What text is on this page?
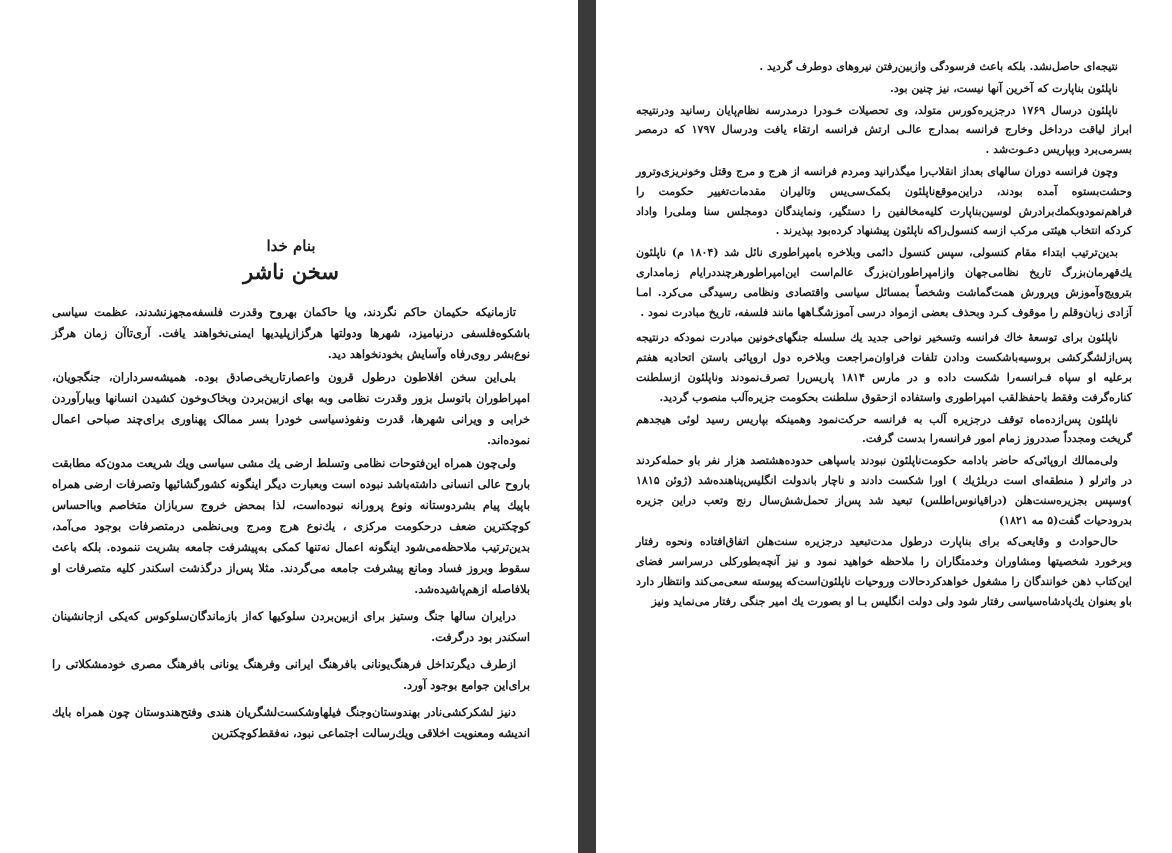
بنام خدا
سخن ناشر

تازمانیکه حکیمان حاکم نگردند، ویا حاکمان بهروح وقدرت فلسفه‌مجهزنشدند، عظمت سیاسی باشکوه‌فلسفی درنیامیزد، شهرها ودولتها هرگزازپلیدیها ایمنی‌نخواهند یافت. آری‌تاآن زمان هرگز نوع‌بشر روی‌رفاه وآسایش بخودنخواهد دید.

بلی‌این سخن افلاطون درطول قرون واعصارتاریخی‌صادق بوده. همیشه‌سرداران، جنگجویان، امپراطوران باتوسل بزور وقدرت نظامی وبه بهای ازبین‌بردن وبخاک‌وخون کشیدن انسانها وبیارآوردن خرابی و ویرانی شهرها، قدرت ونفوذسیاسی خودرا بسر ممالک پهناوری برای‌چند صباحی اعمال نموده‌اند.

ولی‌چون همراه این‌فتوحات نظامی وتسلط ارضی یك مشی سیاسی ویك شریعت مدون‌که مطابقت باروح عالی انسانی داشته‌باشد نبوده است وبعبارت دیگر اینگونه کشورگشائیها وتصرفات ارضی همراه باپیك پیام بشردوستانه ونوع پرورانه نبوده‌است، لذا بمحض خروج سربازان متخاصم وبااحساس کوچکترین ضعف درحکومت مرکزی ، یك‌نوع هرج ومرج وبی‌نظمی درمتصرفات بوجود می‌آمد، بدین‌ترتیب ملاحظه‌می‌شود اینگونه اعمال نه‌تنها کمکی به‌پیشرفت جامعه بشریت ننموده. بلکه باعث سقوط وبروز فساد ومانع پیشرفت جامعه می‌گردند. مثلا پس‌از درگذشت اسکندر کلیه متصرفات او بلافاصله ازهم‌پاشیده‌شد.

درایران سالها جنگ وستیز برای ازبین‌بردن سلوکیها که‌از بازماندگان‌سلوکوس که‌یکی ازجانشینان اسکندر بود درگرفت.

ازطرف دیگرتداخل فرهنگ‌یونانی بافرهنگ ایرانی وفرهنگ یونانی بافرهنگ مصری خودمشکلاتی را برای‌این جوامع بوجود آورد.

دنیز لشکرکشی‌نادر بهندوستان‌وجنگ فیلهاوشکست‌لشگریان هندی وفتح‌هندوستان چون همراه بایك اندیشه ومعنویت اخلاقی ویك‌رسالت اجتماعی نبود، نه‌فقط‌کوچکترین

نتیجه‌ای حاصل‌نشد. بلکه باعث فرسودگی وازبین‌رفتن نیروهای دوطرف گردید .

ناپلئون بناپارت که آخرین آنها نیست، نیز چنین بود.

ناپلئون درسال ۱۷۶۹ درجزیره‌کورس متولد، وی تحصیلات خـودرا درمدرسه نظام‌پایان رسانید ودرنتیجه ابراز لیاقت درداخل وخارج فرانسه بمدارج عالـی ارتش فرانسه ارتقاء یافت ودرسال ۱۷۹۷ که درمصر بسرمی‌برد وبپاریس دعـوت‌شد .

وچون فرانسه دوران سالهای بعداز انقلاب‌را میگذرانید ومردم فرانسه از هرج و مرج وقتل وخونریزی‌وترور وحشت‌بستوه آمده بودند، دراین‌موقع‌ناپلئون بکمک‌سی‌یس وتالیران مقدمات‌تغییر حکومت را فراهم‌نمودوبکمك‌برادرش لوسین‌بناپارت کلیه‌مخالفین را دستگیر، ونمایندگان دومجلس سنا وملی‌را واداد کردکه انتخاب هیئتی مرکب ازسه کنسول‌راکه ناپلئون پیشنهاد کرده‌بود بپذیرند .

بدین‌ترتیب ابتداء مقام کنسولی، سپس کنسول دائمی وبلاخره بامپراطوری نائل شد (۱۸۰۴ م) ناپلئون یك‌قهرمان‌بزرگ تاریخ نظامی‌جهان وازامپراطوران‌بزرگ عالم‌است این‌امپراطورهرچنددرایام زمامداری بترویج‌وآموزش وپرورش همت‌گماشت وشخصاً بمسائل سیاسی واقتصادی ونظامی رسیدگی می‌کرد. امـا آزادی زبان‌وقلم را موقوف کـرد وبحذف بعضی ازمواد درسی آموزشگـاهها مانند فلسفه، تاریخ مبادرت نمود .

ناپلئون برای توسعهٔ خاك فرانسه وتسخیر نواحی جدید یك سلسله جنگهای‌خونین مبادرت نمودکه درنتیجه پس‌ازلشگرکشی بروسیه‌باشکست ودادن تلفات فراوان‌مراجعت وبلاخره دول اروپائی باستن اتحادیه هفتم برعلیه او سپاه فـرانسه‌را شکست داده و در مارس ۱۸۱۴ پاریس‌را تصرف‌نمودند وناپلئون ازسلطنت کناره‌گرفت وفقط باحفظ‌لقب امپراطوری واستفاده ازحقوق سلطنت بحکومت جزیره‌آلب منصوب گردید.

ناپلئون پس‌ازده‌ماه توقف درجزیره آلب به فرانسه حرکت‌نمود وهمینکه بپاریس رسید لوئی هیجدهم گریخت ومجدداً صددروز زمام امور فرانسه‌را بدست گرفت.

ولی‌ممالك اروپائی‌که حاضر بادامه حکومت‌ناپلئون نبودند باسپاهی حدوده‌هشتصد هزار نفر باو حمله‌کردند در واترلو ( منطقه‌ای است دربلژیك ) اورا شکست دادند و ناچار باندولت انگلیس‌پناهنده‌شد (ژوئن ۱۸۱۵ )وسپس بجزیره‌سنت‌هلن (دراقیانوس‌اطلس) تبعید شد پس‌از تحمل‌شش‌سال رنج وتعب دراین جزیره بدرودحیات گفت(۵ مه ۱۸۲۱)

حال‌حوادث و وقایعی‌که برای بناپارت درطول مدت‌تبعید درجزیره سنت‌هلن اتفاق‌افتاده ونحوه رفتار وبرخورد شخصیتها ومشاوران وخدمتگاران را ملاحظه خواهید نمود و نیز آنچه‌بطورکلی درسراسر فضای این‌کتاب ذهن خوانندگان را مشغول خواهدکرد‌حالات وروحیات ناپلئون‌است‌که پیوسته سعی‌می‌کند وانتظار دارد باو بعنوان یك‌پادشاه‌سیاسی رفتار شود ولی دولت انگلیس بـا او بصورت یك امیر جنگی رفتار می‌نماید ونیز
